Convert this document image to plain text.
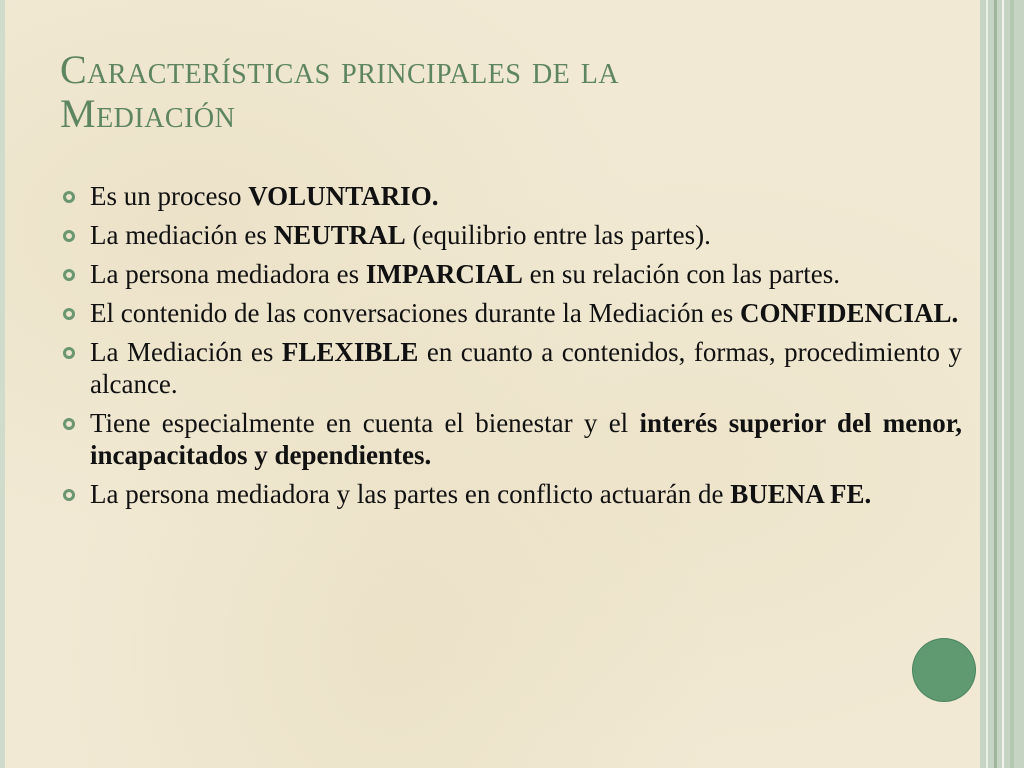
Características principales de la
Mediación
Es un proceso VOLUNTARIO.
La mediación es NEUTRAL (equilibrio entre las partes).
La persona mediadora es IMPARCIAL en su relación con las partes.
El contenido de las conversaciones durante la Mediación es CONFIDENCIAL.
La Mediación es FLEXIBLE en cuanto a contenidos, formas, procedimiento y alcance.
Tiene especialmente en cuenta el bienestar y el interés superior del menor, incapacitados y dependientes.
La persona mediadora y las partes en conflicto actuarán de BUENA FE.
